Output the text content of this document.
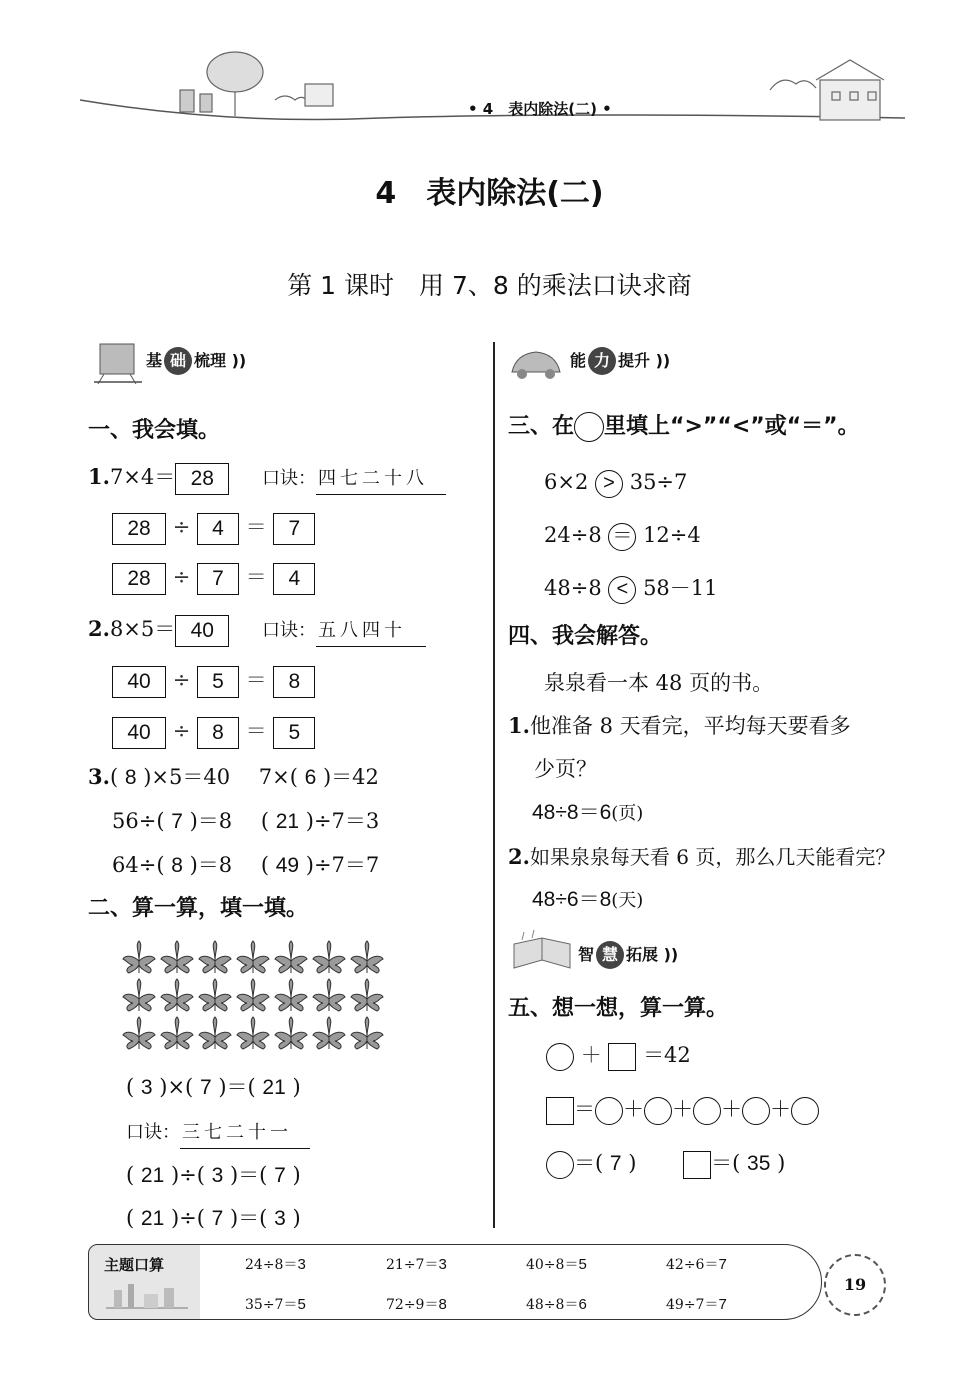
• 4　表内除法(二) •
4　表内除法(二)
第 1 课时　用 7、8 的乘法口诀求商
基 础 梳理 ))	能 力 提升 ))
一、我会填。
1.7×4＝ 28	口诀： 四七二十八
28 ÷ 4 ＝ 7
28 ÷ 7 ＝ 4
2.8×5＝ 40	口诀： 五八四十
40 ÷ 5 ＝ 8
40 ÷ 8 ＝ 5
3.( 8 )×5＝40 7×( 6 )＝42
56÷( 7 )＝8 ( 21 )÷7＝3
64÷( 8 )＝8 ( 49 )÷7＝7
二、算一算，填一填。
( 3 )×( 7 )＝( 21 )
口诀： 三七二十一
( 21 )÷( 3 )＝( 7 )
( 21 )÷( 7 )＝( 3 )
三、在 里填上“>”“<”或“＝”。
6×2 > 35÷7
24÷8 ＝ 12÷4
48÷8 < 58－11
四、我会解答。
泉泉看一本 48 页的书。
1.他准备 8 天看完，平均每天要看多
少页？
48÷8＝6(页)
2.如果泉泉每天看 6 页，那么几天能看完？
48÷6＝8(天)
智 慧 拓展 ))
五、想一想，算一算。
＋ ＝42
＝ ＋ ＋ ＋ ＋
＝( 7 )	＝( 35 )
主题口算	24÷8＝3	21÷7＝3	40÷8＝5	42÷6＝7
35÷7＝5	72÷9＝8	48÷8＝6	49÷7＝7
19
